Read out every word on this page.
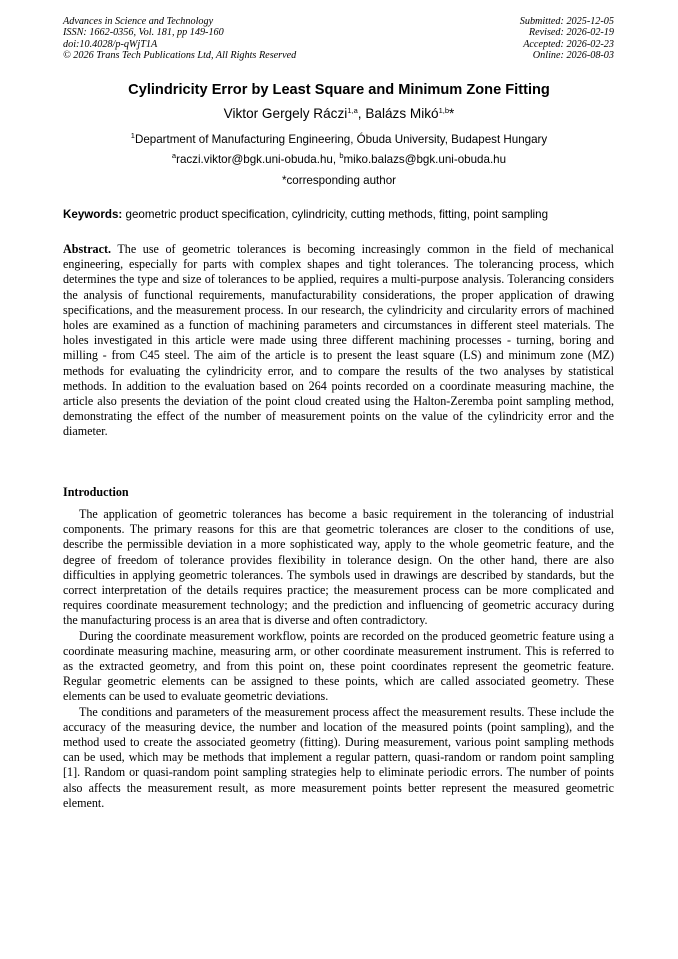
Advances in Science and Technology
ISSN: 1662-0356, Vol. 181, pp 149-160
doi:10.4028/p-qWjT1A
© 2026 Trans Tech Publications Ltd, All Rights Reserved
Submitted: 2025-12-05
Revised: 2026-02-19
Accepted: 2026-02-23
Online: 2026-08-03
Cylindricity Error by Least Square and Minimum Zone Fitting
Viktor Gergely Ráczi$^{1,a}$, Balázs Mikó$^{1,b}$*
$^1$Department of Manufacturing Engineering, Óbuda University, Budapest Hungary
$^a$raczi.viktor@bgk.uni-obuda.hu, $^b$miko.balazs@bgk.uni-obuda.hu
*corresponding author
Keywords: geometric product specification, cylindricity, cutting methods, fitting, point sampling

Abstract. The use of geometric tolerances is becoming increasingly common in the field of mechanical engineering, especially for parts with complex shapes and tight tolerances. The tolerancing process, which determines the type and size of tolerances to be applied, requires a multi-purpose analysis. Tolerancing considers the analysis of functional requirements, manufacturability considerations, the proper application of drawing specifications, and the measurement process. In our research, the cylindricity and circularity errors of machined holes are examined as a function of machining parameters and circumstances in different steel materials. The holes investigated in this article were made using three different machining processes - turning, boring and milling - from C45 steel. The aim of the article is to present the least square (LS) and minimum zone (MZ) methods for evaluating the cylindricity error, and to compare the results of the two analyses by statistical methods. In addition to the evaluation based on 264 points recorded on a coordinate measuring machine, the article also presents the deviation of the point cloud created using the Halton-Zeremba point sampling method, demonstrating the effect of the number of measurement points on the value of the cylindricity error and the diameter.

Introduction

The application of geometric tolerances has become a basic requirement in the tolerancing of industrial components. The primary reasons for this are that geometric tolerances are closer to the conditions of use, describe the permissible deviation in a more sophisticated way, apply to the whole geometric feature, and the degree of freedom of tolerance provides flexibility in tolerance design. On the other hand, there are also difficulties in applying geometric tolerances. The symbols used in drawings are described by standards, but the correct interpretation of the details requires practice; the measurement process can be more complicated and requires coordinate measurement technology; and the prediction and influencing of geometric accuracy during the manufacturing process is an area that is diverse and often contradictory.

During the coordinate measurement workflow, points are recorded on the produced geometric feature using a coordinate measuring machine, measuring arm, or other coordinate measurement instrument. This is referred to as the extracted geometry, and from this point on, these point coordinates represent the geometric feature. Regular geometric elements can be assigned to these points, which are called associated geometry. These elements can be used to evaluate geometric deviations.

The conditions and parameters of the measurement process affect the measurement results. These include the accuracy of the measuring device, the number and location of the measured points (point sampling), and the method used to create the associated geometry (fitting). During measurement, various point sampling methods can be used, which may be methods that implement a regular pattern, quasi-random or random point sampling [1]. Random or quasi-random point sampling strategies help to eliminate periodic errors. The number of points also affects the measurement result, as more measurement points better represent the measured geometric element.
